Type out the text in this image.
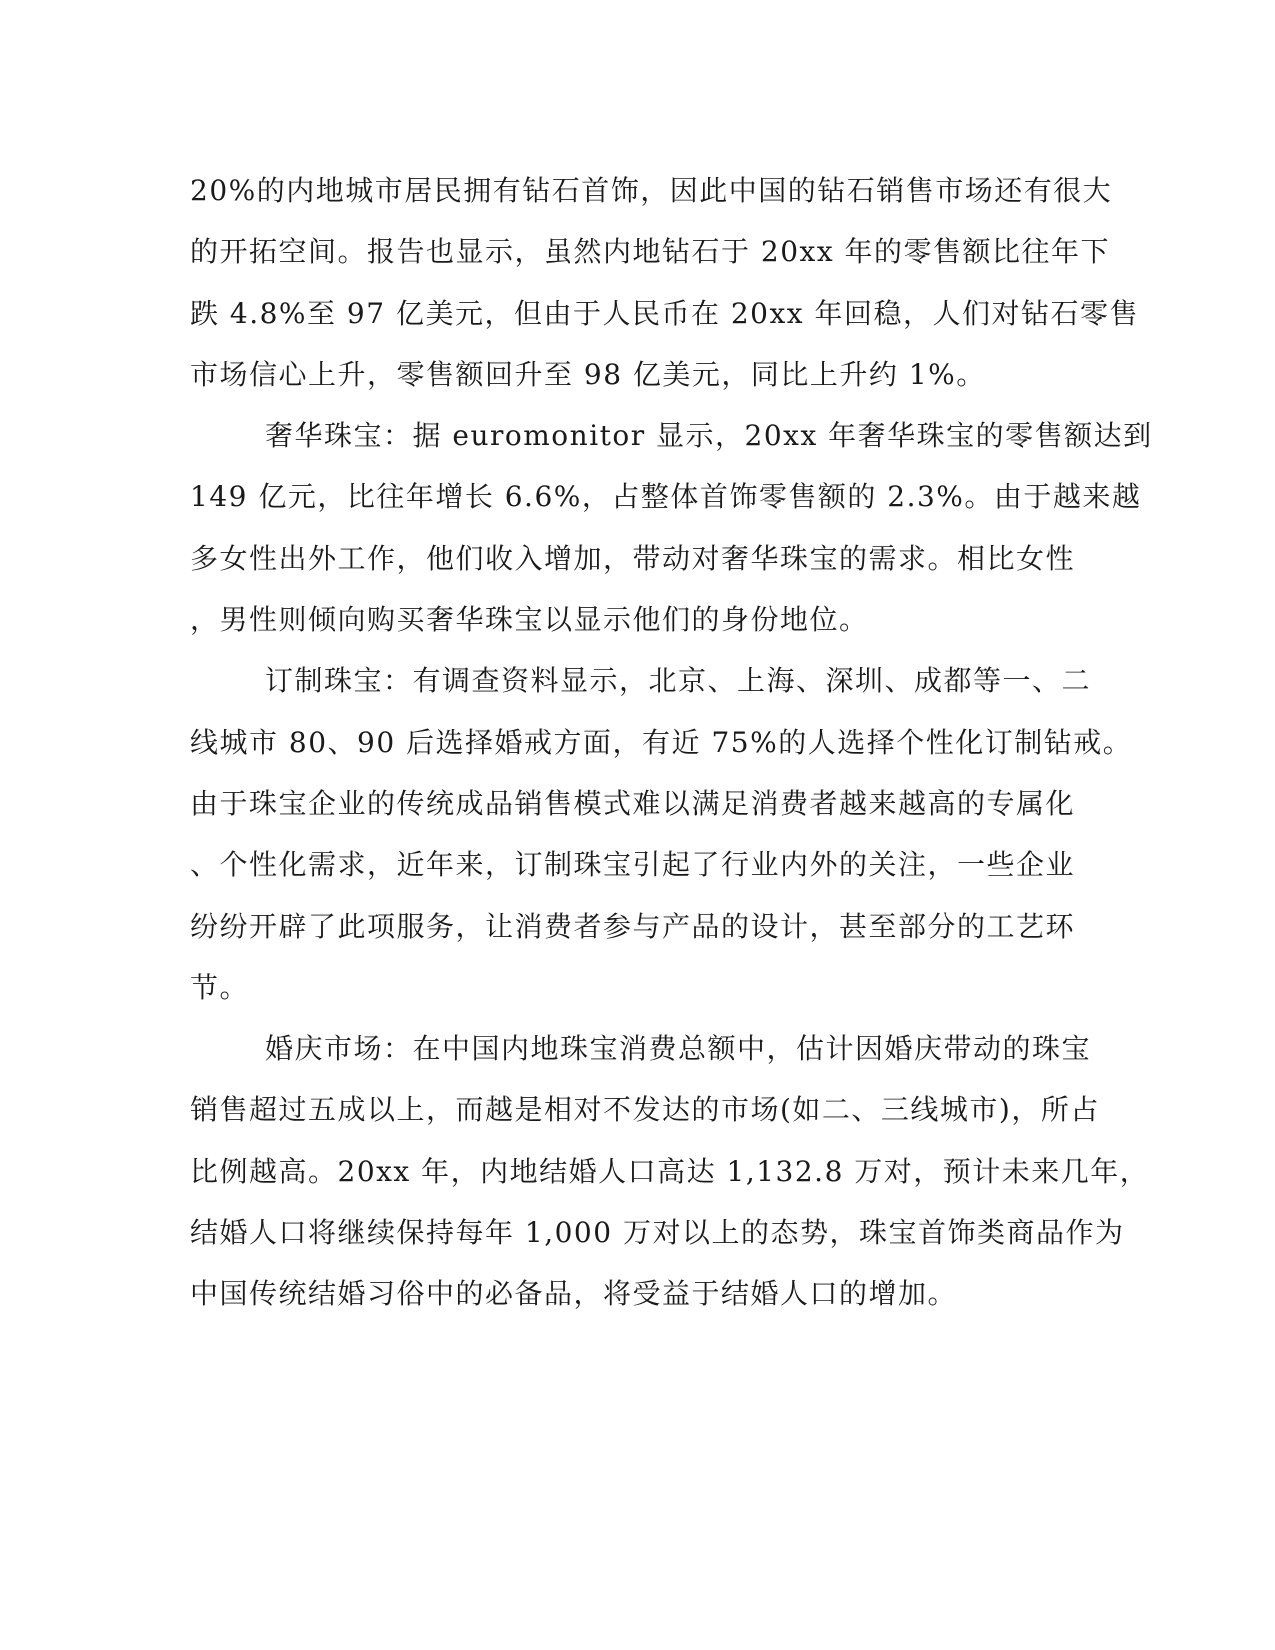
20%的内地城市居民拥有钻石首饰，因此中国的钻石销售市场还有很大
的开拓空间。报告也显示，虽然内地钻石于 20xx 年的零售额比往年下
跌 4.8%至 97 亿美元，但由于人民币在 20xx 年回稳，人们对钻石零售
市场信心上升，零售额回升至 98 亿美元，同比上升约 1%。
奢华珠宝：据 euromonitor 显示，20xx 年奢华珠宝的零售额达到
149 亿元，比往年增长 6.6%，占整体首饰零售额的 2.3%。由于越来越
多女性出外工作，他们收入增加，带动对奢华珠宝的需求。相比女性
，男性则倾向购买奢华珠宝以显示他们的身份地位。
订制珠宝：有调查资料显示，北京、上海、深圳、成都等一、二
线城市 80、90 后选择婚戒方面，有近 75%的人选择个性化订制钻戒。
由于珠宝企业的传统成品销售模式难以满足消费者越来越高的专属化
、个性化需求，近年来，订制珠宝引起了行业内外的关注，一些企业
纷纷开辟了此项服务，让消费者参与产品的设计，甚至部分的工艺环
节。
婚庆市场：在中国内地珠宝消费总额中，估计因婚庆带动的珠宝
销售超过五成以上，而越是相对不发达的市场(如二、三线城市)，所占
比例越高。20xx 年，内地结婚人口高达 1,132.8 万对，预计未来几年，
结婚人口将继续保持每年 1,000 万对以上的态势，珠宝首饰类商品作为
中国传统结婚习俗中的必备品，将受益于结婚人口的增加。
